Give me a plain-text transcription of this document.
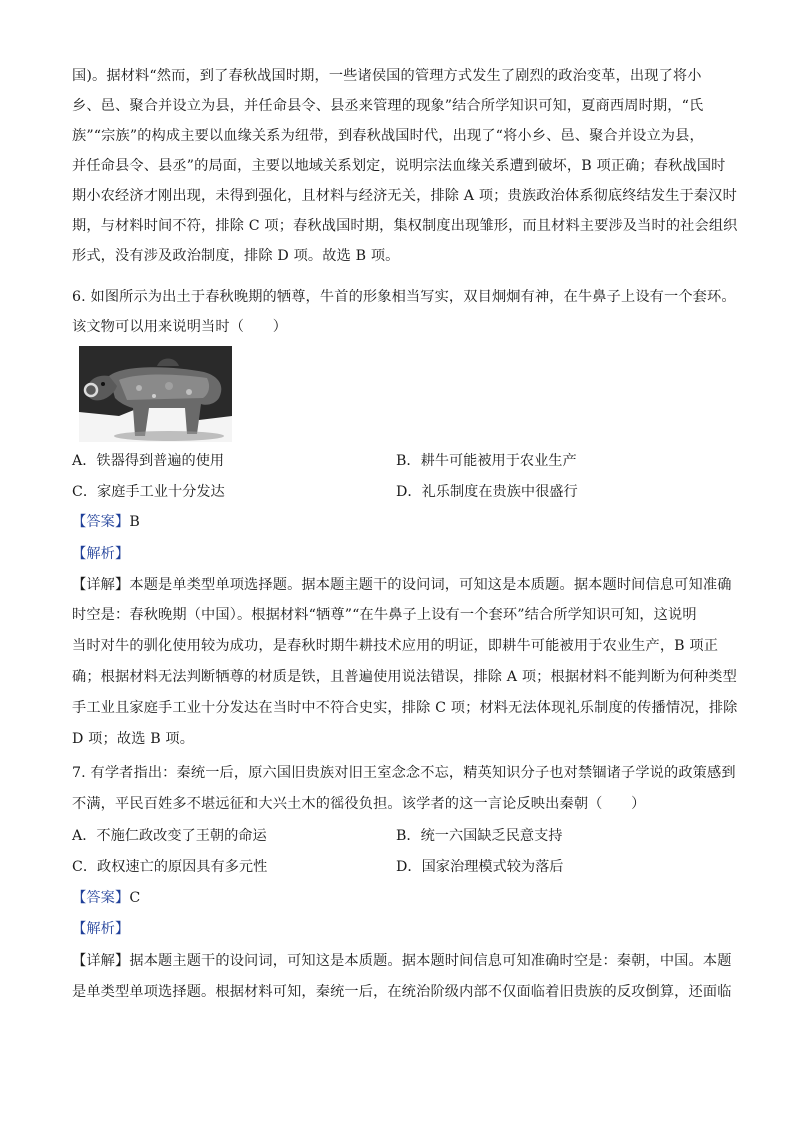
国)。据材料“然而，到了春秋战国时期，一些诸侯国的管理方式发生了剧烈的政治变革，出现了将小
乡、邑、聚合并设立为县，并任命县令、县丞来管理的现象”结合所学知识可知，夏商西周时期，“氏
族”“宗族”的构成主要以血缘关系为纽带，到春秋战国时代，出现了“将小乡、邑、聚合并设立为县，
并任命县令、县丞”的局面，主要以地域关系划定，说明宗法血缘关系遭到破坏，B 项正确；春秋战国时
期小农经济才刚出现，未得到强化，且材料与经济无关，排除 A 项；贵族政治体系彻底终结发生于秦汉时
期，与材料时间不符，排除 C 项；春秋战国时期，集权制度出现雏形，而且材料主要涉及当时的社会组织
形式，没有涉及政治制度，排除 D 项。故选 B 项。
6. 如图所示为出土于春秋晚期的牺尊，牛首的形象相当写实，双目炯炯有神，在牛鼻子上设有一个套环。
该文物可以用来说明当时（　　）
A．铁器得到普遍的使用	B．耕牛可能被用于农业生产
C．家庭手工业十分发达	D．礼乐制度在贵族中很盛行
【答案】B
【解析】
【详解】本题是单类型单项选择题。据本题主题干的设问词，可知这是本质题。据本题时间信息可知准确
时空是：春秋晚期（中国）。根据材料“牺尊”“在牛鼻子上设有一个套环”结合所学知识可知，这说明
当时对牛的驯化使用较为成功，是春秋时期牛耕技术应用的明证，即耕牛可能被用于农业生产，B 项正
确；根据材料无法判断牺尊的材质是铁，且普遍使用说法错误，排除 A 项；根据材料不能判断为何种类型
手工业且家庭手工业十分发达在当时中不符合史实，排除 C 项；材料无法体现礼乐制度的传播情况，排除
D 项；故选 B 项。
7. 有学者指出：秦统一后，原六国旧贵族对旧王室念念不忘，精英知识分子也对禁锢诸子学说的政策感到
不满，平民百姓多不堪远征和大兴土木的徭役负担。该学者的这一言论反映出秦朝（　　）
A．不施仁政改变了王朝的命运	B．统一六国缺乏民意支持
C．政权速亡的原因具有多元性	D．国家治理模式较为落后
【答案】C
【解析】
【详解】据本题主题干的设问词，可知这是本质题。据本题时间信息可知准确时空是：秦朝，中国。本题
是单类型单项选择题。根据材料可知，秦统一后，在统治阶级内部不仅面临着旧贵族的反攻倒算，还面临
